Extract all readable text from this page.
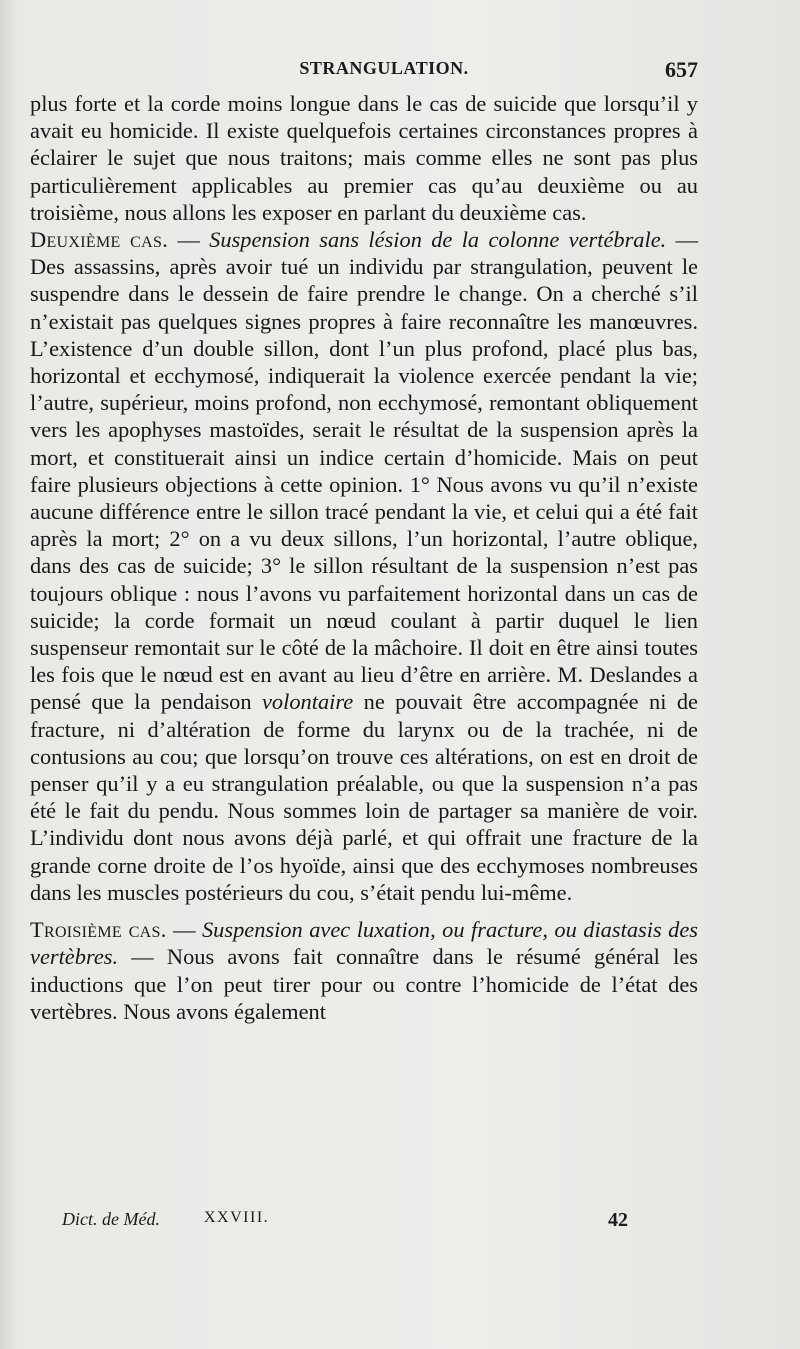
STRANGULATION.	657

plus forte et la corde moins longue dans le cas de suicide que lorsqu’il y avait eu homicide. Il existe quelquefois certaines circonstances propres à éclairer le sujet que nous traitons; mais comme elles ne sont pas plus particulièrement applicables au premier cas qu’au deuxième ou au troisième, nous allons les exposer en parlant du deuxième cas.

Deuxième cas. — Suspension sans lésion de la colonne vertébrale. — Des assassins, après avoir tué un individu par strangulation, peuvent le suspendre dans le dessein de faire prendre le change. On a cherché s’il n’existait pas quelques signes propres à faire reconnaître les manœuvres. L’existence d’un double sillon, dont l’un plus profond, placé plus bas, horizontal et ecchymosé, indiquerait la violence exercée pendant la vie; l’autre, supérieur, moins profond, non ecchymosé, remontant obliquement vers les apophyses mastoïdes, serait le résultat de la suspension après la mort, et constituerait ainsi un indice certain d’homicide. Mais on peut faire plusieurs objections à cette opinion. 1° Nous avons vu qu’il n’existe aucune différence entre le sillon tracé pendant la vie, et celui qui a été fait après la mort; 2° on a vu deux sillons, l’un horizontal, l’autre oblique, dans des cas de suicide; 3° le sillon résultant de la suspension n’est pas toujours oblique : nous l’avons vu parfaitement horizontal dans un cas de suicide; la corde formait un nœud coulant à partir duquel le lien suspenseur remontait sur le côté de la mâchoire. Il doit en être ainsi toutes les fois que le nœud est en avant au lieu d’être en arrière. M. Deslandes a pensé que la pendaison volontaire ne pouvait être accompagnée ni de fracture, ni d’altération de forme du larynx ou de la trachée, ni de contusions au cou; que lorsqu’on trouve ces altérations, on est en droit de penser qu’il y a eu strangulation préalable, ou que la suspension n’a pas été le fait du pendu. Nous sommes loin de partager sa manière de voir. L’individu dont nous avons déjà parlé, et qui offrait une fracture de la grande corne droite de l’os hyoïde, ainsi que des ecchymoses nombreuses dans les muscles postérieurs du cou, s’était pendu lui-même.

Troisième cas. — Suspension avec luxation, ou fracture, ou diastasis des vertèbres. — Nous avons fait connaître dans le résumé général les inductions que l’on peut tirer pour ou contre l’homicide de l’état des vertèbres. Nous avons également

Dict. de Méd.	XXVIII.	42
